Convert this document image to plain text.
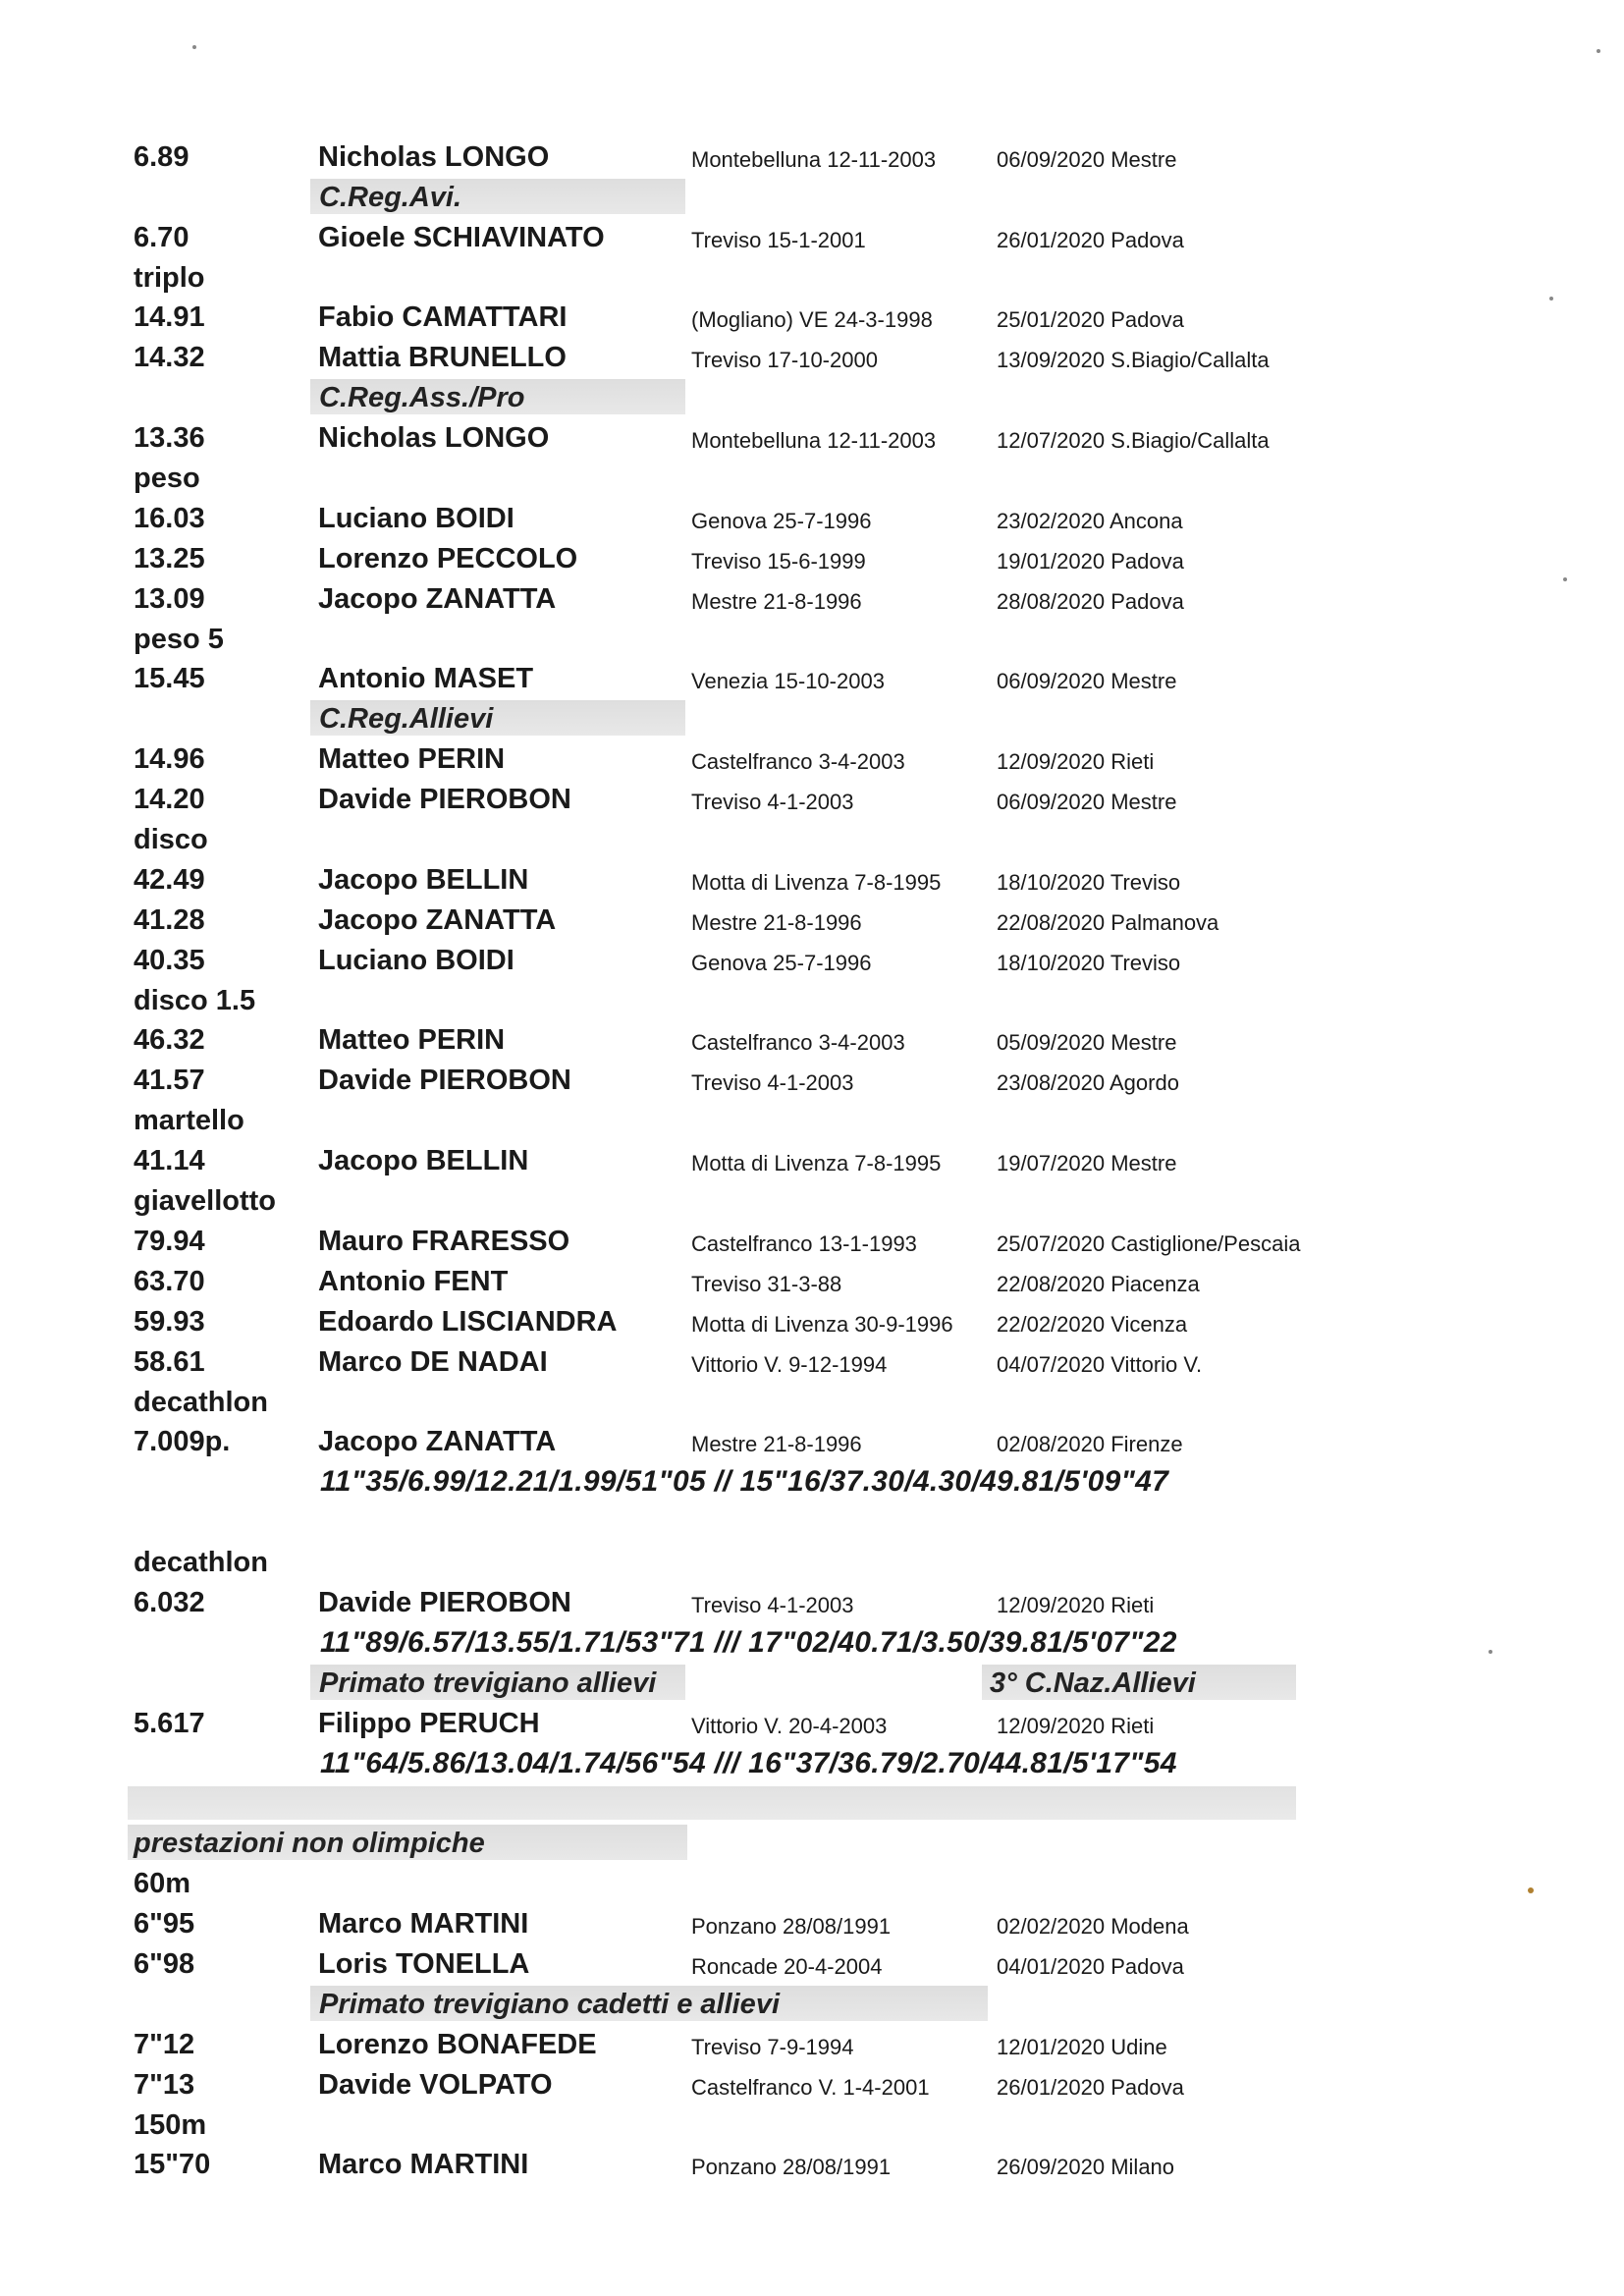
6.89	Nicholas LONGO	Montebelluna 12-11-2003	06/09/2020 Mestre
C.Reg.Avi.
6.70	Gioele SCHIAVINATO	Treviso 15-1-2001	26/01/2020 Padova
triplo
14.91	Fabio CAMATTARI	(Mogliano) VE 24-3-1998	25/01/2020 Padova
14.32	Mattia BRUNELLO	Treviso 17-10-2000	13/09/2020 S.Biagio/Callalta
C.Reg.Ass./Pro
13.36	Nicholas LONGO	Montebelluna 12-11-2003	12/07/2020 S.Biagio/Callalta
peso
16.03	Luciano BOIDI	Genova 25-7-1996	23/02/2020 Ancona
13.25	Lorenzo PECCOLO	Treviso 15-6-1999	19/01/2020 Padova
13.09	Jacopo ZANATTA	Mestre 21-8-1996	28/08/2020 Padova
peso 5
15.45	Antonio MASET	Venezia 15-10-2003	06/09/2020 Mestre
C.Reg.Allievi
14.96	Matteo PERIN	Castelfranco 3-4-2003	12/09/2020 Rieti
14.20	Davide PIEROBON	Treviso 4-1-2003	06/09/2020 Mestre
disco
42.49	Jacopo BELLIN	Motta di Livenza 7-8-1995	18/10/2020 Treviso
41.28	Jacopo ZANATTA	Mestre 21-8-1996	22/08/2020 Palmanova
40.35	Luciano BOIDI	Genova 25-7-1996	18/10/2020 Treviso
disco 1.5
46.32	Matteo PERIN	Castelfranco 3-4-2003	05/09/2020 Mestre
41.57	Davide PIEROBON	Treviso 4-1-2003	23/08/2020 Agordo
martello
41.14	Jacopo BELLIN	Motta di Livenza 7-8-1995	19/07/2020 Mestre
giavellotto
79.94	Mauro FRARESSO	Castelfranco 13-1-1993	25/07/2020 Castiglione/Pescaia
63.70	Antonio FENT	Treviso 31-3-88	22/08/2020 Piacenza
59.93	Edoardo LISCIANDRA	Motta di Livenza 30-9-1996 22/02/2020 Vicenza
58.61	Marco DE NADAI	Vittorio V. 9-12-1994	04/07/2020 Vittorio V.
decathlon
7.009p.	Jacopo ZANATTA	Mestre 21-8-1996	02/08/2020 Firenze
11"35/6.99/12.21/1.99/51"05 // 15"16/37.30/4.30/49.81/5'09"47
decathlon
6.032	Davide PIEROBON	Treviso 4-1-2003	12/09/2020 Rieti
11"89/6.57/13.55/1.71/53"71 /// 17"02/40.71/3.50/39.81/5'07"22
Primato trevigiano allievi	3° C.Naz.Allievi
5.617	Filippo PERUCH	Vittorio V. 20-4-2003	12/09/2020 Rieti
11"64/5.86/13.04/1.74/56"54 /// 16"37/36.79/2.70/44.81/5'17"54
prestazioni non olimpiche
60m
6"95	Marco MARTINI	Ponzano 28/08/1991	02/02/2020 Modena
6"98	Loris TONELLA	Roncade 20-4-2004	04/01/2020 Padova
Primato trevigiano cadetti e allievi
7"12	Lorenzo BONAFEDE	Treviso 7-9-1994	12/01/2020 Udine
7"13	Davide VOLPATO	Castelfranco V. 1-4-2001	26/01/2020 Padova
150m
15"70	Marco MARTINI	Ponzano 28/08/1991	26/09/2020 Milano
